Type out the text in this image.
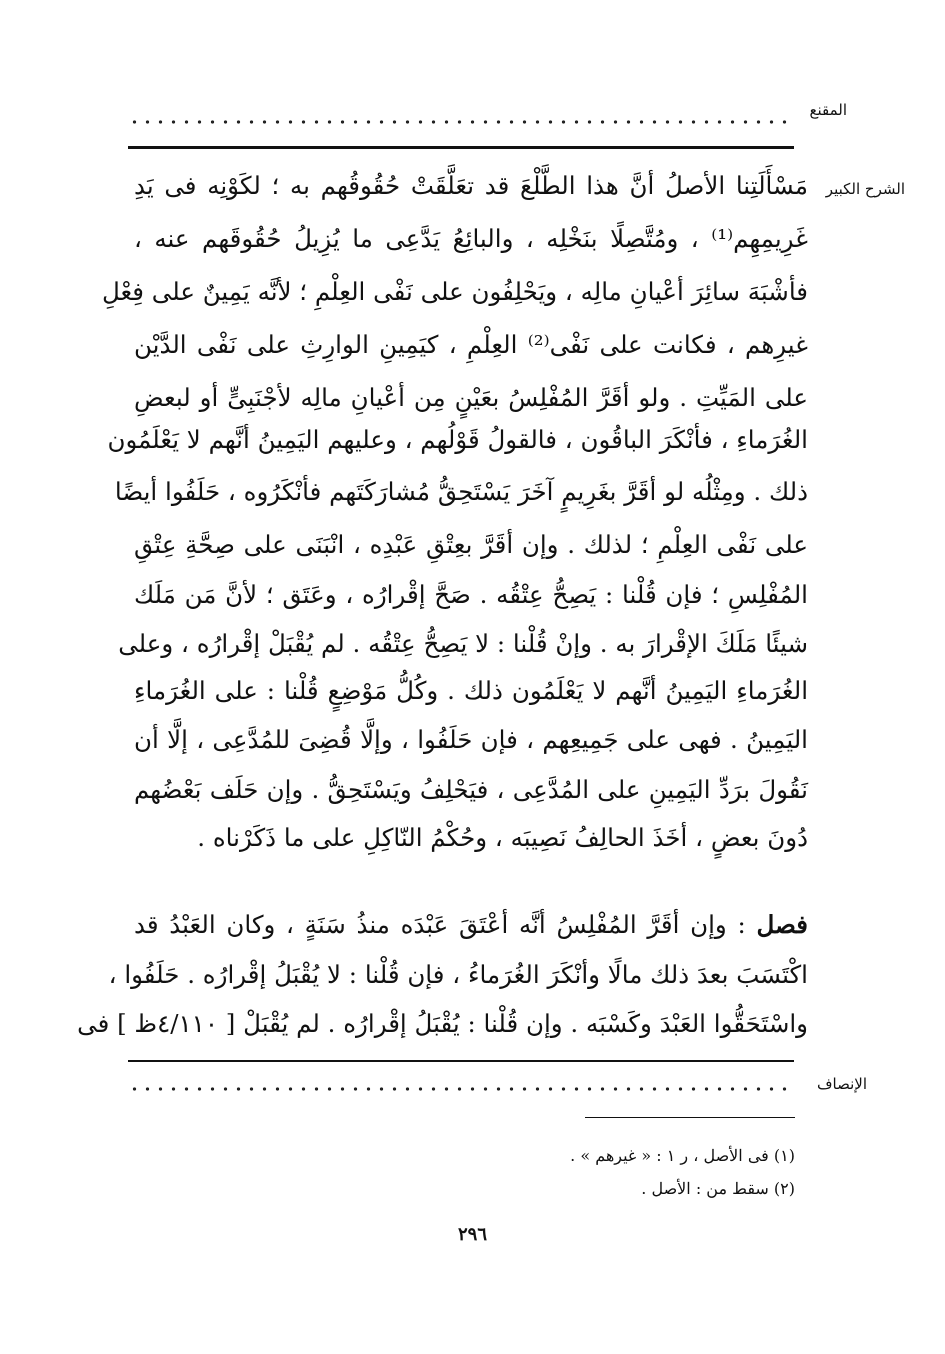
المقنع
الشرح الكبير
مَسْأَلَتِنا الأصلُ أنَّ هذا الطَّلْعَ قد تعَلَّقَتْ حُقُوقُهم به ؛ لكَوْنِه فى يَدِ
غَرِيمِهِم⁽¹⁾ ، ومُتَّصِلًا بنَخْلِه ، والبائِعُ يَدَّعِى ما يُزِيلُ حُقُوقَهم عنه ،
فأشْبَهَ سائِرَ أعْيانِ مالِه ، ويَحْلِفُون على نَفْى العِلْمِ ؛ لأنَّه يَمِينٌ على فِعْلِ
غيرِهم ، فكانت على نَفْى⁽²⁾ العِلْمِ ، كيَمِينِ الوارِثِ على نَفْى الدَّيْن
على المَيِّتِ . ولو أقَرَّ المُفْلِسُ بعَيْنٍ مِن أعْيانِ مالِه لأجْنَبِىٍّ أو لبعضِ
الغُرَماءِ ، فأنْكَرَ الباقُون ، فالقولُ قَوْلُهم ، وعليهم اليَمِينُ أنَّهم لا يَعْلَمُون
ذلك . ومِثْلُه لو أقَرَّ بغَرِيمٍ آخَرَ يَسْتَحِقُّ مُشارَكَتَهم فأنْكَرُوه ، حَلَفُوا أيضًا
على نَفْى العِلْمِ ؛ لذلك . وإن أقَرَّ بعِتْقِ عَبْدِه ، انْبَنَى على صِحَّةِ عِتْقِ
المُفْلِسِ ؛ فإن قُلْنا : يَصِحُّ عِتْقُه . صَحَّ إقْرارُه ، وعَتَق ؛ لأنَّ مَن مَلَك
شيئًا مَلَكَ الإقْرارَ به . وإنْ قُلْنا : لا يَصِحُّ عِتْقُه . لم يُقْبَلْ إقْرارُه ، وعلى
الغُرَماءِ اليَمِينُ أنَّهم لا يَعْلَمُون ذلك . وكُلُّ مَوْضِعٍ قُلْنا : على الغُرَماءِ
اليَمِينُ . فهى على جَمِيعِهم ، فإن حَلَفُوا ، وإلَّا قُضِىَ للمُدَّعِى ، إلَّا أن
نَقُولَ برَدِّ اليَمِينِ على المُدَّعِى ، فيَحْلِفُ ويَسْتَحِقُّ . وإن حَلَف بَعْضُهم
دُونَ بعضٍ ، أخَذَ الحالِفُ نَصِيبَه ، وحُكْمُ النّاكِلِ على ما ذَكَرْناه .
فصل : وإن أقَرَّ المُفْلِسُ أنَّه أعْتَقَ عَبْدَه منذُ سَنَةٍ ، وكان العَبْدُ قد
اكْتَسَبَ بعدَ ذلك مالًا وأنْكَرَ الغُرَماءُ ، فإن قُلْنا : لا يُقْبَلُ إقْرارُه . حَلَفُوا ،
واسْتَحَقُّوا العَبْدَ وكَسْبَه . وإن قُلْنا : يُقْبَلُ إقْرارُه . لم يُقْبَلْ [ ٤/١١٠ظ ] فى
الإنصاف
(١) فى الأصل ، ر ١ : « غيرهم » .
(٢) سقط من : الأصل .
٢٩٦
